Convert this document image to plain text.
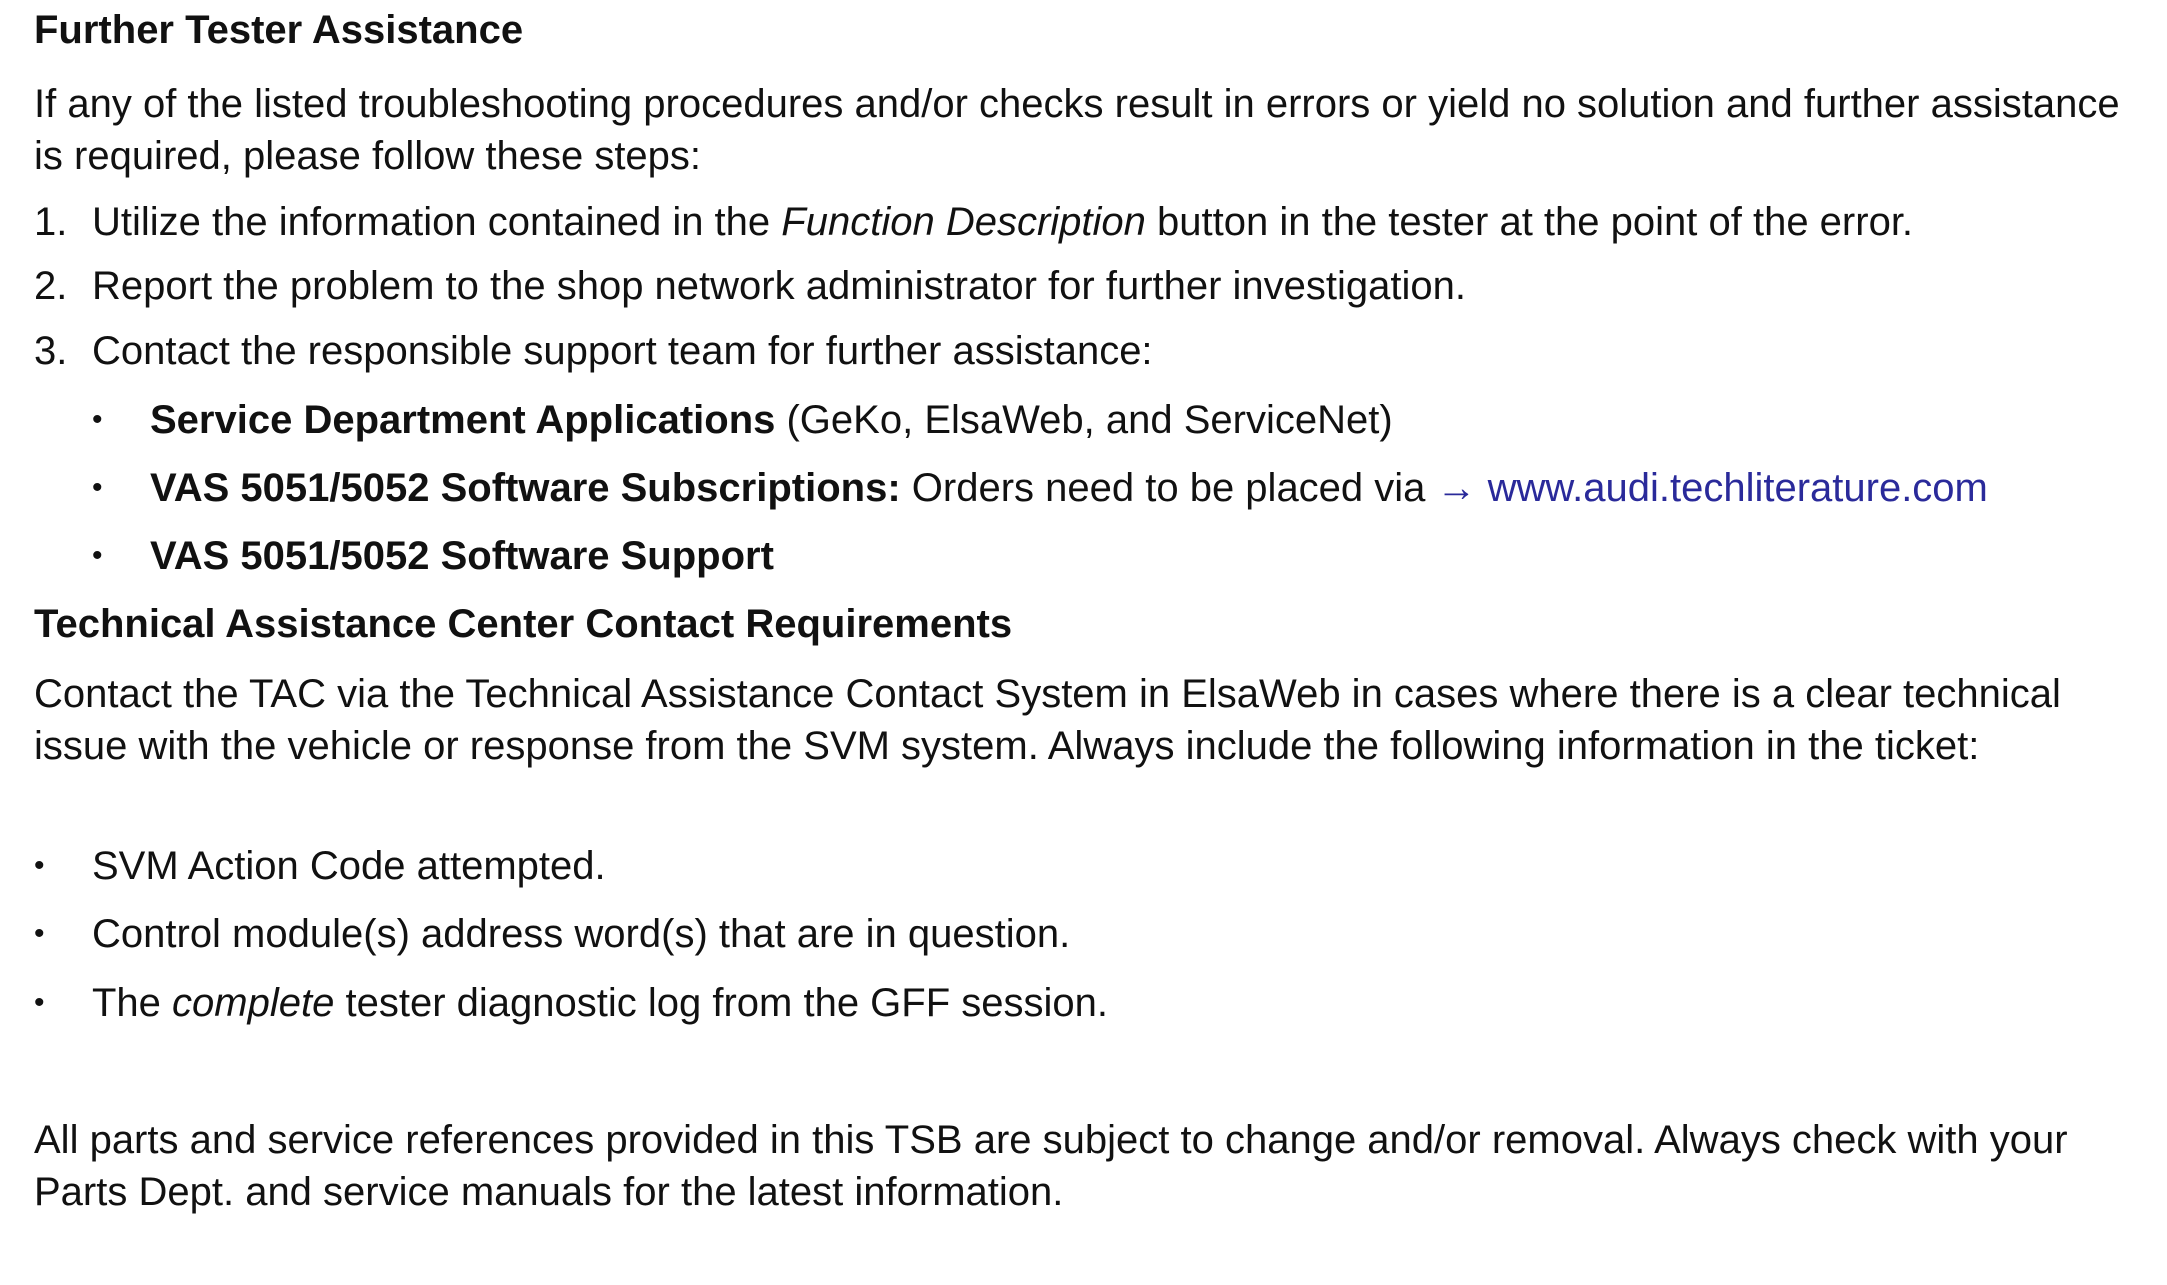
Further Tester Assistance

If any of the listed troubleshooting procedures and/or checks result in errors or yield no solution and further assistance is required, please follow these steps:

1. Utilize the information contained in the Function Description button in the tester at the point of the error.
2. Report the problem to the shop network administrator for further investigation.
3. Contact the responsible support team for further assistance:
• Service Department Applications (GeKo, ElsaWeb, and ServiceNet)
• VAS 5051/5052 Software Subscriptions: Orders need to be placed via → www.audi.techliterature.com
• VAS 5051/5052 Software Support
Technical Assistance Center Contact Requirements

Contact the TAC via the Technical Assistance Contact System in ElsaWeb in cases where there is a clear technical issue with the vehicle or response from the SVM system. Always include the following information in the ticket:

• SVM Action Code attempted.
• Control module(s) address word(s) that are in question.
• The complete tester diagnostic log from the GFF session.

All parts and service references provided in this TSB are subject to change and/or removal. Always check with your Parts Dept. and service manuals for the latest information.
